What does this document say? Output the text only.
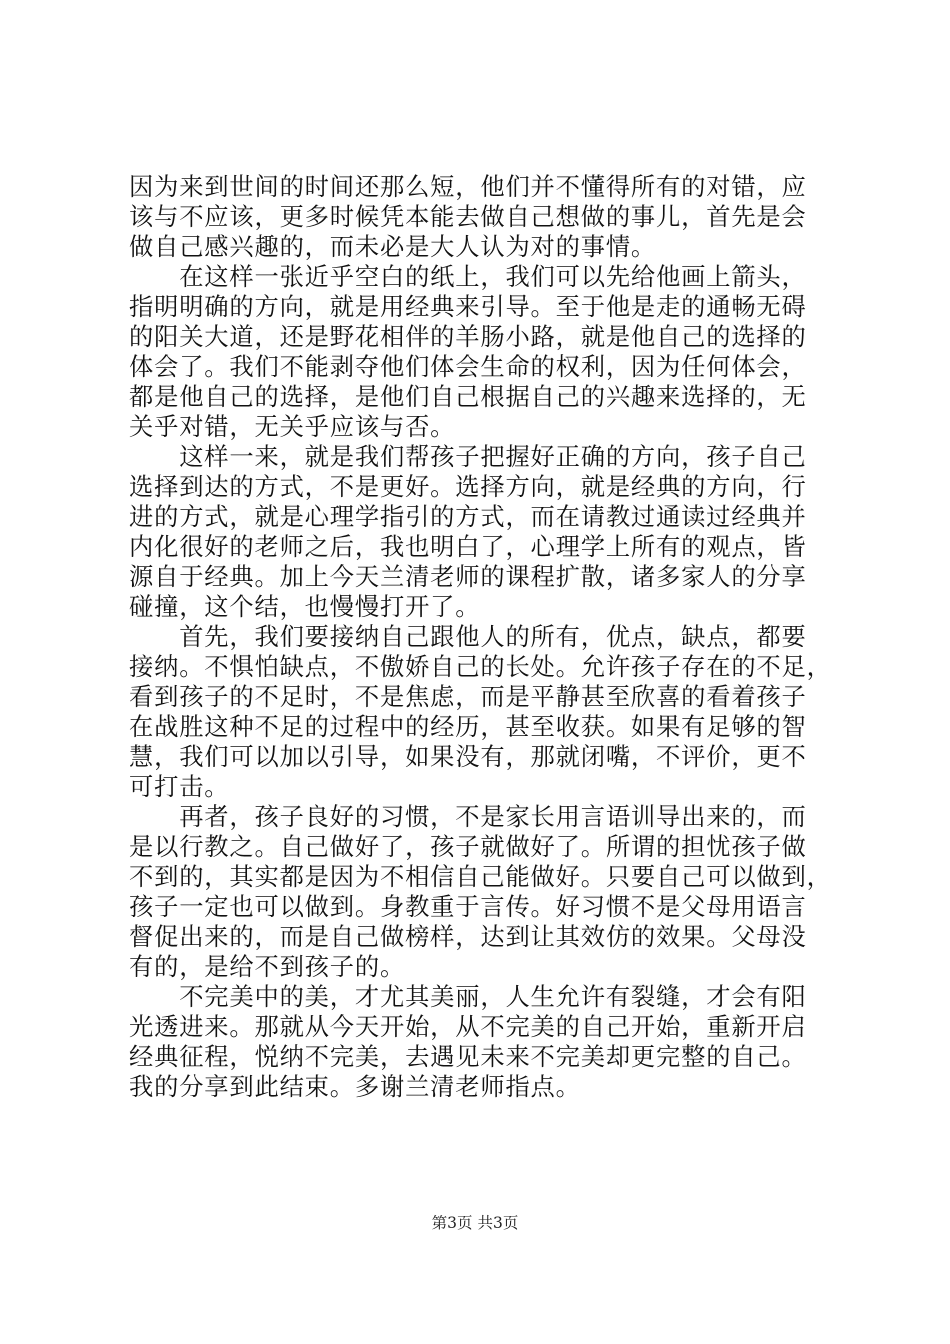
因为来到世间的时间还那么短，他们并不懂得所有的对错，应
该与不应该，更多时候凭本能去做自己想做的事儿，首先是会
做自己感兴趣的，而未必是大人认为对的事情。
　　在这样一张近乎空白的纸上，我们可以先给他画上箭头，
指明明确的方向，就是用经典来引导。至于他是走的通畅无碍
的阳关大道，还是野花相伴的羊肠小路，就是他自己的选择的
体会了。我们不能剥夺他们体会生命的权利，因为任何体会，
都是他自己的选择，是他们自己根据自己的兴趣来选择的，无
关乎对错，无关乎应该与否。
　　这样一来，就是我们帮孩子把握好正确的方向，孩子自己
选择到达的方式，不是更好。选择方向，就是经典的方向，行
进的方式，就是心理学指引的方式，而在请教过通读过经典并
内化很好的老师之后，我也明白了，心理学上所有的观点，皆
源自于经典。加上今天兰清老师的课程扩散，诸多家人的分享
碰撞，这个结，也慢慢打开了。
　　首先，我们要接纳自己跟他人的所有，优点，缺点，都要
接纳。不惧怕缺点，不傲娇自己的长处。允许孩子存在的不足，
看到孩子的不足时，不是焦虑，而是平静甚至欣喜的看着孩子
在战胜这种不足的过程中的经历，甚至收获。如果有足够的智
慧，我们可以加以引导，如果没有，那就闭嘴，不评价，更不
可打击。
　　再者，孩子良好的习惯，不是家长用言语训导出来的，而
是以行教之。自己做好了，孩子就做好了。所谓的担忧孩子做
不到的，其实都是因为不相信自己能做好。只要自己可以做到，
孩子一定也可以做到。身教重于言传。好习惯不是父母用语言
督促出来的，而是自己做榜样，达到让其效仿的效果。父母没
有的，是给不到孩子的。
　　不完美中的美，才尤其美丽，人生允许有裂缝，才会有阳
光透进来。那就从今天开始，从不完美的自己开始，重新开启
经典征程，悦纳不完美，去遇见未来不完美却更完整的自己。
我的分享到此结束。多谢兰清老师指点。
第3页 共3页
